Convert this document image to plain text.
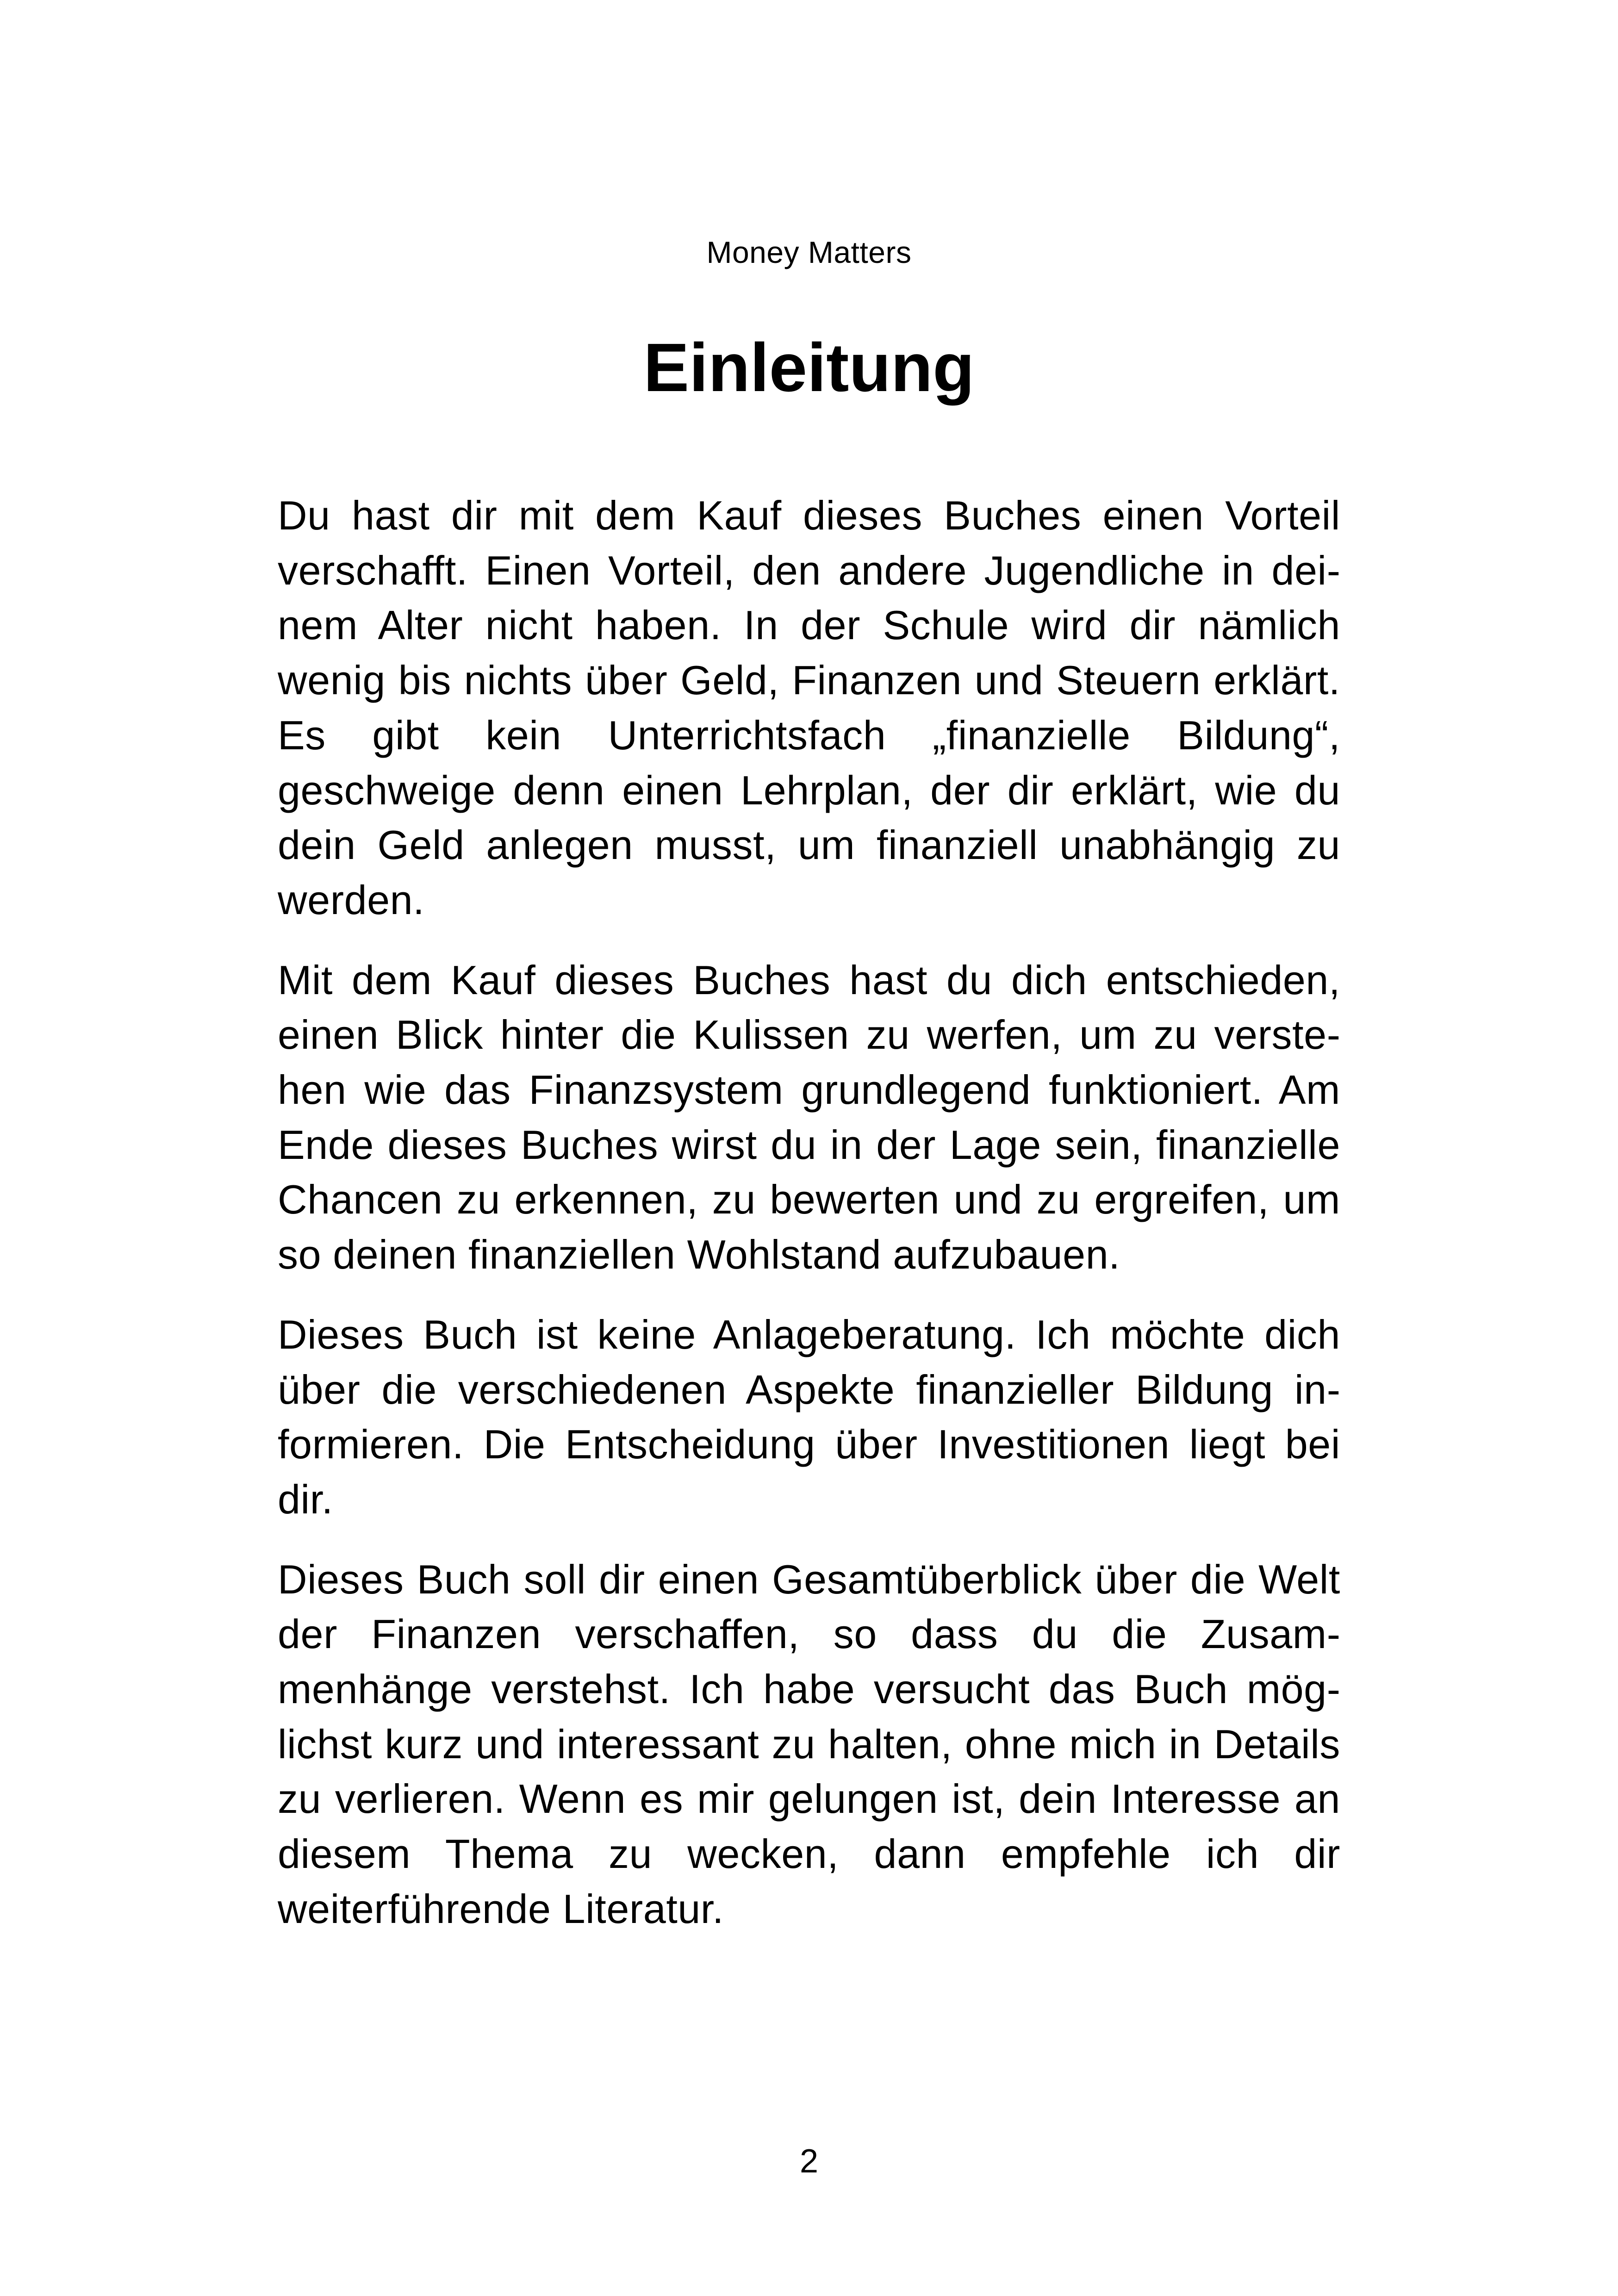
Money Matters
Einleitung

Du hast dir mit dem Kauf dieses Buches einen Vorteil verschafft. Einen Vorteil, den andere Jugendliche in deinem Alter nicht haben. In der Schule wird dir nämlich wenig bis nichts über Geld, Finanzen und Steuern erklärt. Es gibt kein Unterrichtsfach „finanzielle Bildung“, geschweige denn einen Lehrplan, der dir erklärt, wie du dein Geld anlegen musst, um finanziell unabhängig zu werden.

Mit dem Kauf dieses Buches hast du dich entschieden, einen Blick hinter die Kulissen zu werfen, um zu verstehen wie das Finanzsystem grundlegend funktioniert. Am Ende dieses Buches wirst du in der Lage sein, finanzielle Chancen zu erkennen, zu bewerten und zu ergreifen, um so deinen finanziellen Wohlstand aufzubauen.

Dieses Buch ist keine Anlageberatung. Ich möchte dich über die verschiedenen Aspekte finanzieller Bildung informieren. Die Entscheidung über Investitionen liegt bei dir.

Dieses Buch soll dir einen Gesamtüberblick über die Welt der Finanzen verschaffen, so dass du die Zusammenhänge verstehst. Ich habe versucht das Buch möglichst kurz und interessant zu halten, ohne mich in Details zu verlieren. Wenn es mir gelungen ist, dein Interesse an diesem Thema zu wecken, dann empfehle ich dir weiterführende Literatur.

2
